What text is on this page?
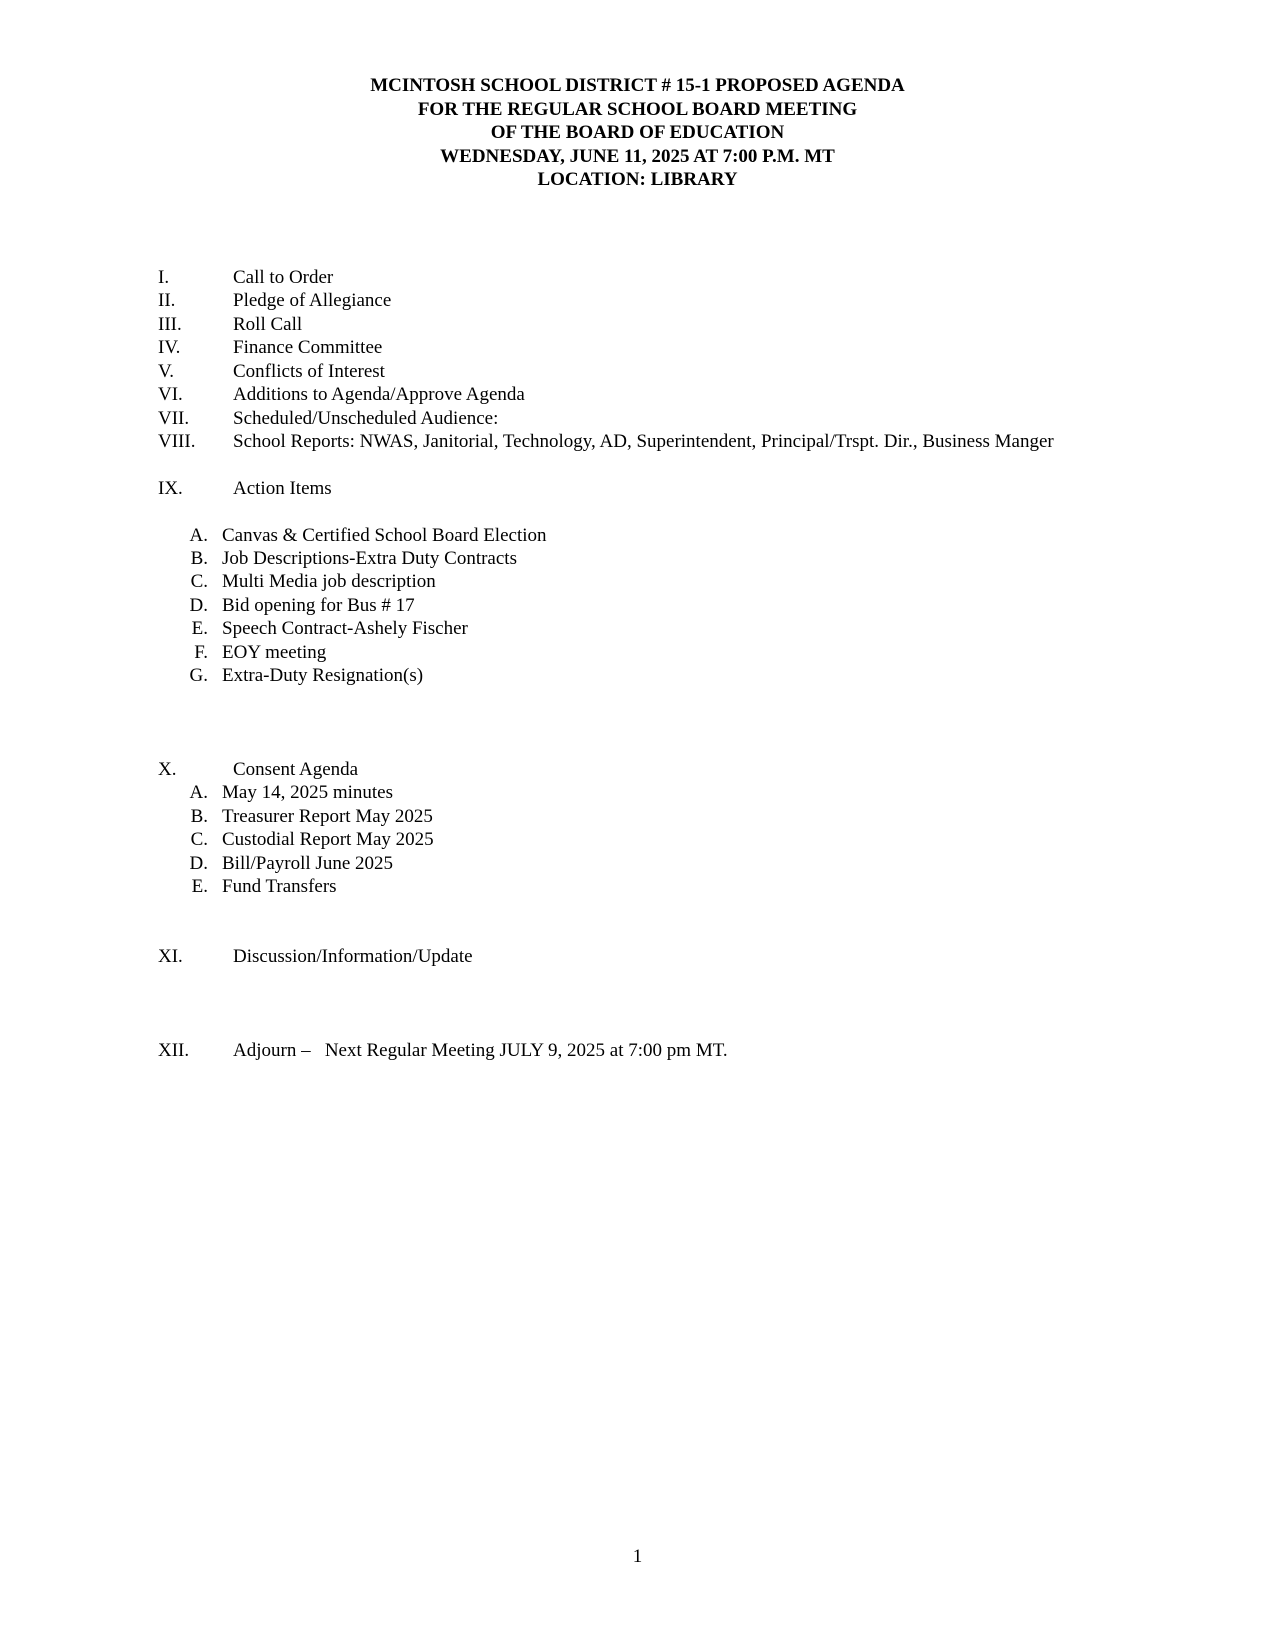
MCINTOSH SCHOOL DISTRICT # 15-1 PROPOSED AGENDA
FOR THE REGULAR SCHOOL BOARD MEETING
OF THE BOARD OF EDUCATION
WEDNESDAY, JUNE 11, 2025 AT 7:00 P.M. MT
LOCATION: LIBRARY
I.	Call to Order
II.	Pledge of Allegiance
III.	Roll Call
IV.	Finance Committee
V.	Conflicts of Interest
VI.	Additions to Agenda/Approve Agenda
VII. Scheduled/Unscheduled Audience:
VIII. School Reports: NWAS, Janitorial, Technology, AD, Superintendent, Principal/Trspt. Dir., Business Manger
IX.	Action Items
A. Canvas & Certified School Board Election
B. Job Descriptions-Extra Duty Contracts
C. Multi Media job description
D. Bid opening for Bus # 17
E. Speech Contract-Ashely Fischer
F. EOY meeting
G. Extra-Duty Resignation(s)
X.	Consent Agenda
A. May 14, 2025 minutes
B. Treasurer Report May 2025
C. Custodial Report May 2025
D. Bill/Payroll June 2025
E. Fund Transfers
XI.	Discussion/Information/Update
XII. Adjourn –   Next Regular Meeting JULY 9, 2025 at 7:00 pm MT.
1
